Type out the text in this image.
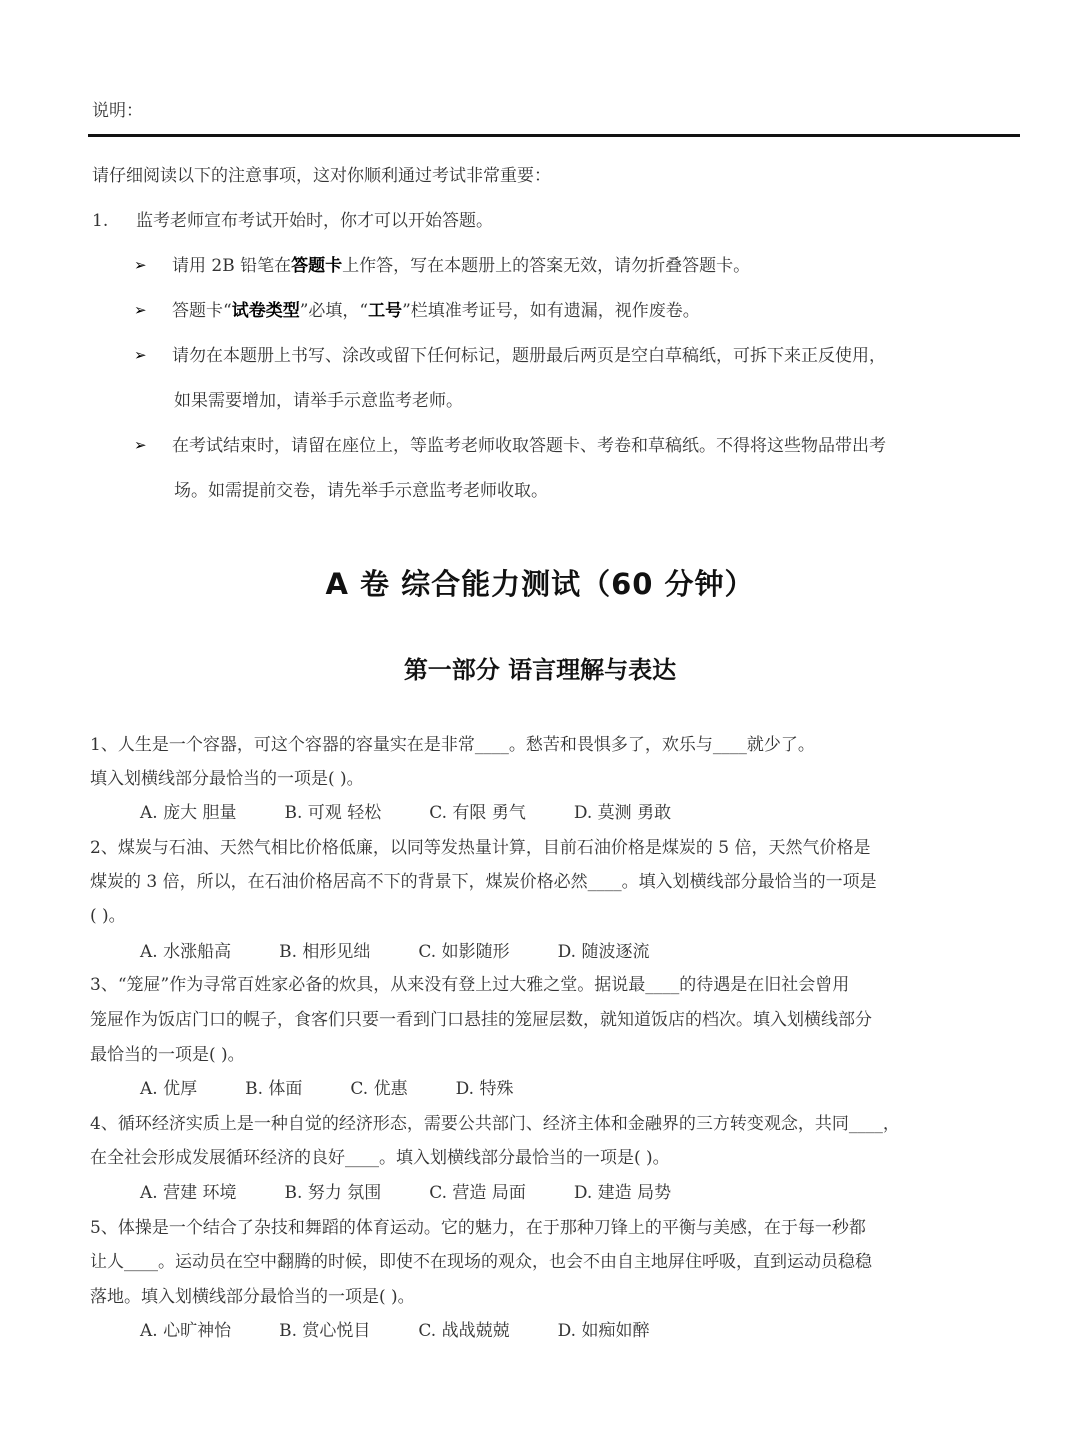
说明：
请仔细阅读以下的注意事项，这对你顺利通过考试非常重要：
1. 监考老师宣布考试开始时，你才可以开始答题。
➢ 请用 2B 铅笔在答题卡上作答，写在本题册上的答案无效，请勿折叠答题卡。
➢ 答题卡“试卷类型”必填，“工号”栏填准考证号，如有遗漏，视作废卷。
➢ 请勿在本题册上书写、涂改或留下任何标记，题册最后两页是空白草稿纸，可拆下来正反使用，
如果需要增加，请举手示意监考老师。
➢ 在考试结束时，请留在座位上，等监考老师收取答题卡、考卷和草稿纸。不得将这些物品带出考
场。如需提前交卷，请先举手示意监考老师收取。
A 卷 综合能力测试（60 分钟）
第一部分 语言理解与表达
1、人生是一个容器，可这个容器的容量实在是非常____。愁苦和畏惧多了，欢乐与____就少了。
填入划横线部分最恰当的一项是( )。
A. 庞大 胆量	B. 可观 轻松	C. 有限 勇气	D. 莫测 勇敢
2、煤炭与石油、天然气相比价格低廉，以同等发热量计算，目前石油价格是煤炭的 5 倍，天然气价格是
煤炭的 3 倍，所以，在石油价格居高不下的背景下，煤炭价格必然____。填入划横线部分最恰当的一项是
( )。
A. 水涨船高	B. 相形见绌	C. 如影随形	D. 随波逐流
3、“笼屉”作为寻常百姓家必备的炊具，从来没有登上过大雅之堂。据说最____的待遇是在旧社会曾用
笼屉作为饭店门口的幌子，食客们只要一看到门口悬挂的笼屉层数，就知道饭店的档次。填入划横线部分
最恰当的一项是( )。
A. 优厚	B. 体面	C. 优惠	D. 特殊
4、循环经济实质上是一种自觉的经济形态，需要公共部门、经济主体和金融界的三方转变观念，共同____，
在全社会形成发展循环经济的良好____。填入划横线部分最恰当的一项是( )。
A. 营建 环境	B. 努力 氛围	C. 营造 局面	D. 建造 局势
5、体操是一个结合了杂技和舞蹈的体育运动。它的魅力，在于那种刀锋上的平衡与美感，在于每一秒都
让人____。运动员在空中翻腾的时候，即使不在现场的观众，也会不由自主地屏住呼吸，直到运动员稳稳
落地。填入划横线部分最恰当的一项是( )。
A. 心旷神怡	B. 赏心悦目	C. 战战兢兢	D. 如痴如醉
